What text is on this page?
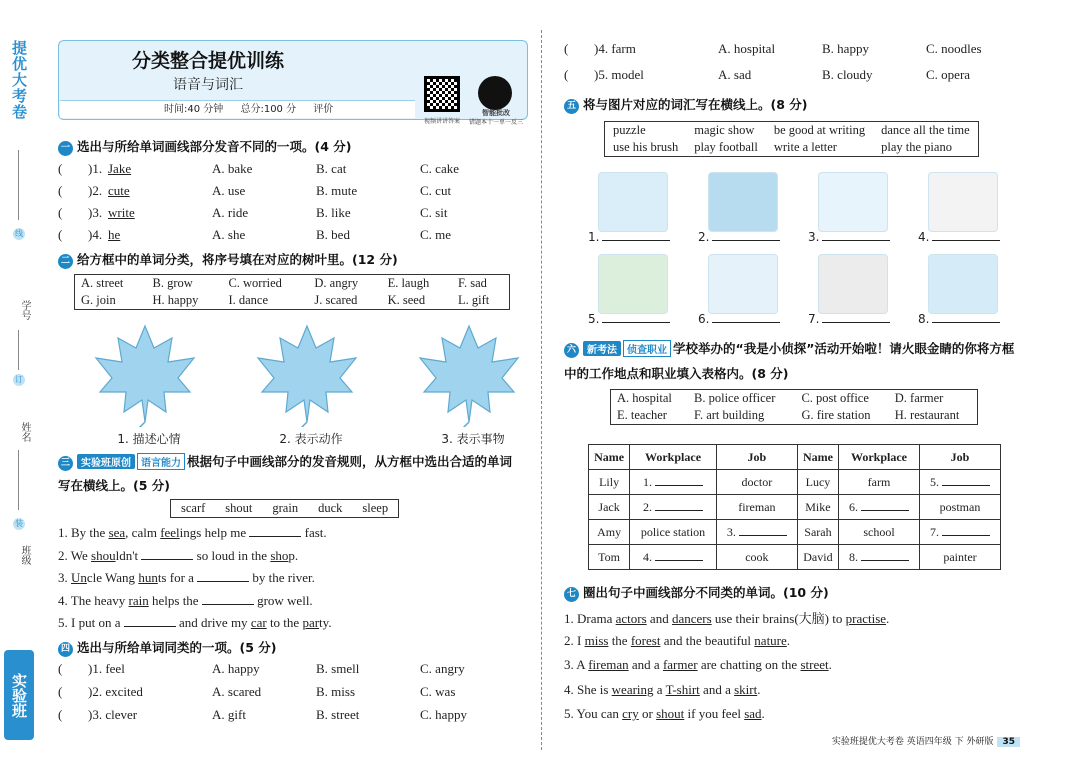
提优大考卷
线
学号
订
姓名
装
班级
实验班
分类整合提优训练
语音与词汇
时间:40 分钟 总分:100 分 评价
视频讲讲答案
智能批改
错题本十一单一反三
一 选出与所给单词画线部分发音不同的一项。(4 分)
二 给方框中的单词分类，将序号填在对应的树叶里。(12 分)
A. street	B. grow	C. worried	D. angry	E. laugh	F. sad
G. join	H. happy	I. dance	J. scared	K. seed	L. gift
三 实验班原创 语言能力 根据句子中画线部分的发音规则，从方框中选出合适的单词
写在横线上。(5 分)
scarf	shout	grain	duck	sleep
四 选出与所给单词同类的一项。(5 分)
五 将与图片对应的词汇写在横线上。(8 分)
puzzle	magic show	be good at writing	dance all the time
use his brush	play football	write a letter	play the piano
六 新考法 侦查职业 学校举办的“我是小侦探”活动开始啦！请火眼金睛的你将方框
中的工作地点和职业填入表格内。(8 分)
A. hospital	B. police officer	C. post office	D. farmer
E. teacher	F. art building	G. fire station	H. restaurant
Name	Workplace	Job	Name	Workplace	Job
Lily	1.	doctor	Lucy	farm	5.
Jack	2.	fireman	Mike	6.	postman
Amy	police station	3.	Sarah	school	7.
Tom	4.	cook	David	8.	painter
七 圈出句子中画线部分不同类的单词。(10 分)
实验班提优大考卷 英语四年级 下 外研版 35
( )1. Jake	A. bake	B. cat	C. cake
( )2. cute	A. use	B. mute	C. cut
( )3. write	A. ride	B. like	C. sit
( )4. he	A. she	B. bed	C. me
1. 描述心情	2. 表示动作	3. 表示事物
1. By the sea, calm feelings help me	fast.
2. We shouldn't	so loud in the shop.
3. Uncle Wang hunts for a	by the river.
4. The heavy rain helps the	grow well.
5. I put on a	and drive my car to the party.
( )1. feel	A. happy	B. smell	C. angry
( )2. excited	A. scared	B. miss	C. was
( )3. clever	A. gift	B. street	C. happy
( )4. farm	A. hospital	B. happy	C. noodles
( )5. model	A. sad	B. cloudy	C. opera
1.	2.	3.	4.
5.	6.	7.	8.
1. Drama actors and dancers use their brains(大脑) to practise.
2. I miss the forest and the beautiful nature.
3. A fireman and a farmer are chatting on the street.
4. She is wearing a T-shirt and a skirt.
5. You can cry or shout if you feel sad.
